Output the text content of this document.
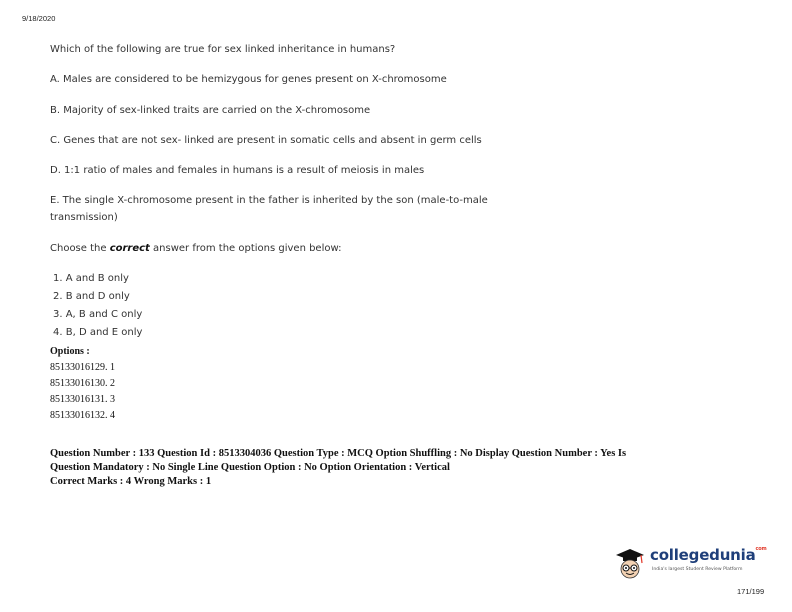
9/18/2020
Which of the following are true for sex linked inheritance in humans?
A. Males are considered to be hemizygous for genes present on X-chromosome
B. Majority of sex-linked traits are carried on the X-chromosome
C. Genes that are not sex- linked are present in somatic cells and absent in germ cells
D. 1:1 ratio of males and females in humans is a result of meiosis in males
E. The single X-chromosome present in the father is inherited by the son (male-to-male
transmission)
Choose the correct answer from the options given below:
1. A and B only
2. B and D only
3. A, B and C only
4. B, D and E only
Options :
85133016129. 1
85133016130. 2
85133016131. 3
85133016132. 4
Question Number : 133 Question Id : 8513304036 Question Type : MCQ Option Shuffling : No Display Question Number : Yes Is
Question Mandatory : No Single Line Question Option : No Option Orientation : Vertical
Correct Marks : 4 Wrong Marks : 1
collegedunia$^{com}$
India's largest Student Review Platform
171/199
